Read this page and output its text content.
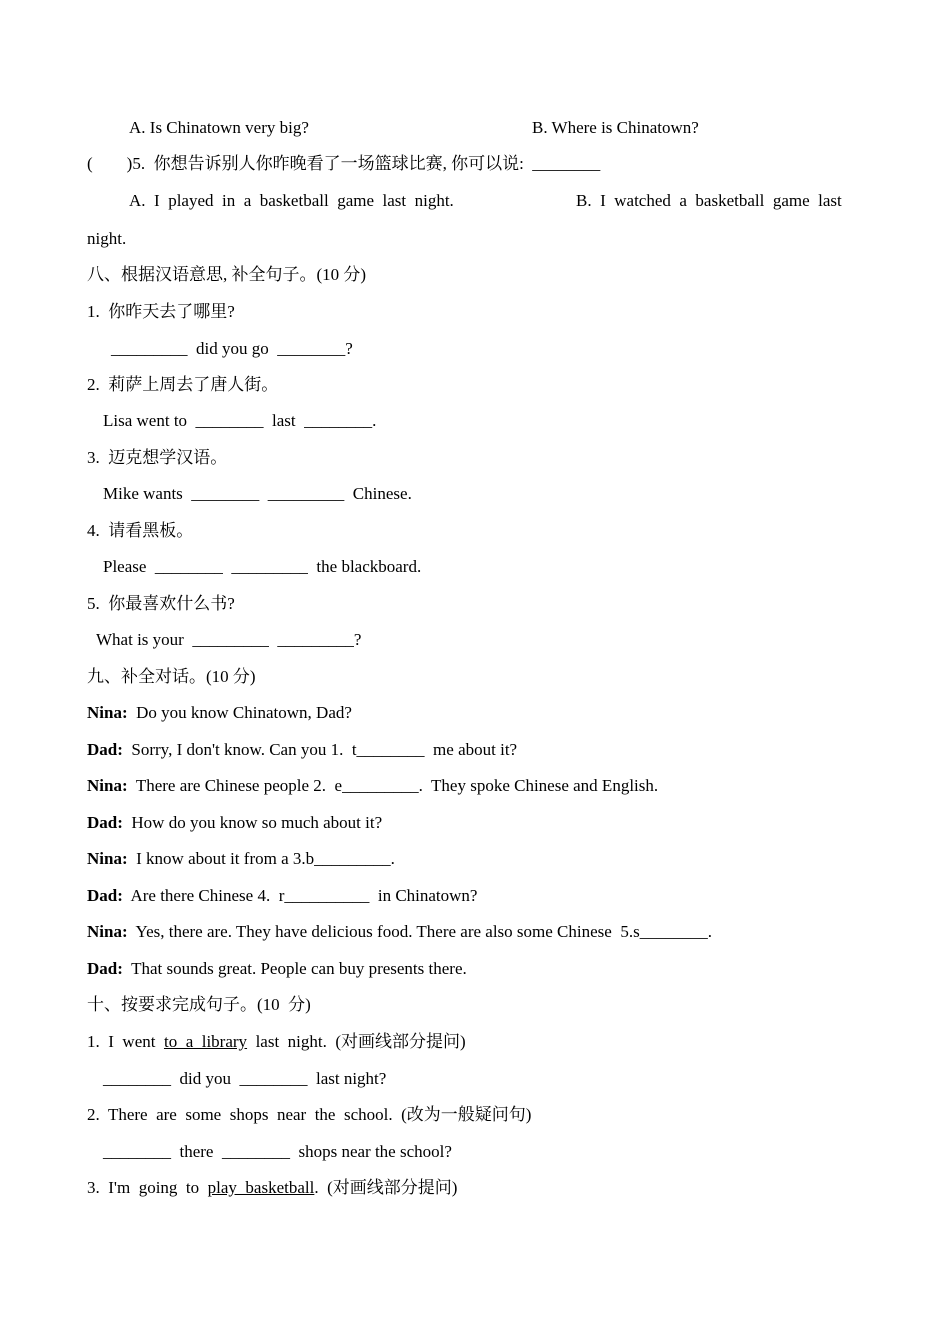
A. Is Chinatown very big?	B. Where is Chinatown?
(        )5. 你想告诉别人你昨晚看了一场篮球比赛, 你可以说:  ________
A.  I  played  in  a  basketball  game  last  night.	B.  I  watched  a  basketball  game  last
night.
八、根据汉语意思, 补全句子。(10 分)
1.  你昨天去了哪里?
_________  did you go  ________?
2.  莉萨上周去了唐人街。
Lisa went to  ________  last  ________.
3.  迈克想学汉语。
Mike wants  ________  _________  Chinese.
4.  请看黑板。
Please  ________  _________  the blackboard.
5.  你最喜欢什么书?
What is your  _________  _________?
九、补全对话。(10 分)
Nina:  Do you know Chinatown, Dad?
Dad:  Sorry, I don't know. Can you 1.  t________  me about it?
Nina:  There are Chinese people 2.  e_________.  They spoke Chinese and English.
Dad:  How do you know so much about it?
Nina:  I know about it from a 3.b_________.
Dad:  Are there Chinese 4.  r__________  in Chinatown?
Nina:  Yes, there are. They have delicious food. There are also some Chinese  5.s________.
Dad:  That sounds great. People can buy presents there.
十、按要求完成句子。(10  分)
1.  I  went  to  a  library  last  night.  (对画线部分提问)
________  did you  ________  last night?
2.  There  are  some  shops  near  the  school.  (改为一般疑问句)
________  there  ________  shops near the school?
3.  I'm  going  to  play  basketball.  (对画线部分提问)
